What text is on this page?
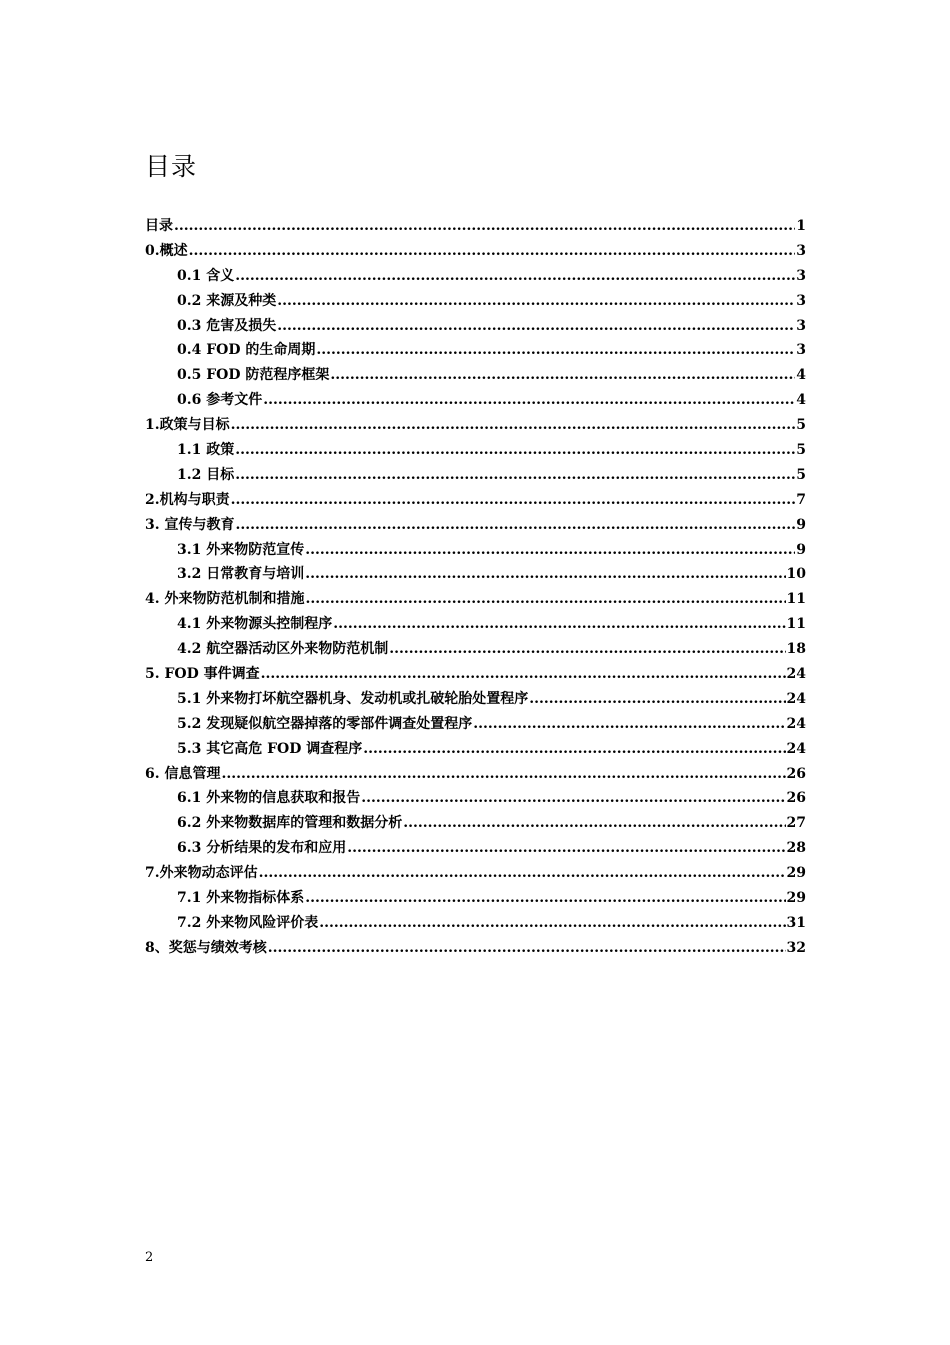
目录
目录 .....	1
0.概述 .....	3
0.1 含义 .....	3
0.2 来源及种类 .....	3
0.3 危害及损失 .....	3
0.4 FOD 的生命周期 .....	3
0.5 FOD 防范程序框架 .....	4
0.6 参考文件 .....	4
1.政策与目标 .....	5
1.1 政策 .....	5
1.2 目标 .....	5
2.机构与职责 .....	7
3. 宣传与教育 .....	9
3.1 外来物防范宣传 .....	9
3.2 日常教育与培训 .....	10
4. 外来物防范机制和措施 .....	11
4.1 外来物源头控制程序 .....	11
4.2 航空器活动区外来物防范机制 .....	18
5. FOD 事件调查 .....	24
5.1 外来物打坏航空器机身、发动机或扎破轮胎处置程序 .....	24
5.2 发现疑似航空器掉落的零部件调查处置程序 .....	24
5.3 其它高危 FOD 调查程序 .....	24
6. 信息管理 .....	26
6.1 外来物的信息获取和报告 .....	26
6.2 外来物数据库的管理和数据分析 .....	27
6.3 分析结果的发布和应用 .....	28
7.外来物动态评估 .....	29
7.1 外来物指标体系 .....	29
7.2 外来物风险评价表 .....	31
8、奖惩与绩效考核 .....	32
2
